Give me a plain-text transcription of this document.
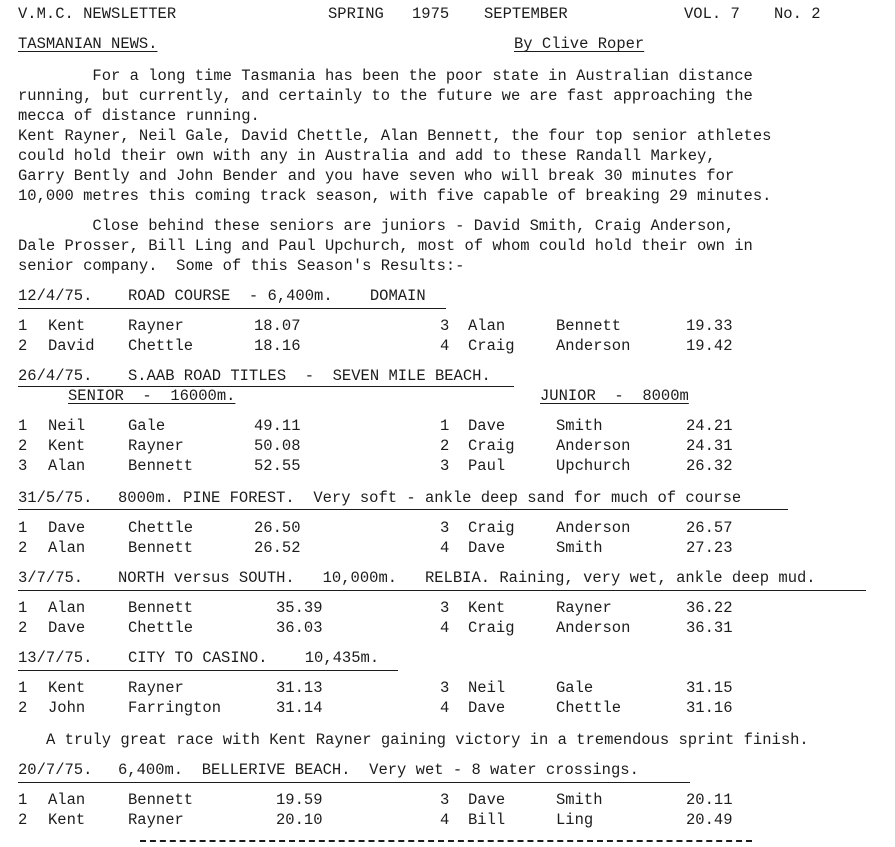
V.M.C. NEWSLETTER	SPRING 1975 SEPTEMBER	VOL. 7 No. 2
TASMANIAN NEWS.	By Clive Roper
For a long time Tasmania has been the poor state in Australian distance
running, but currently, and certainly to the future we are fast approaching the
mecca of distance running.
Kent Rayner, Neil Gale, David Chettle, Alan Bennett, the four top senior athletes
could hold their own with any in Australia and add to these Randall Markey,
Garry Bently and John Bender and you have seven who will break 30 minutes for
10,000 metres this coming track season, with five capable of breaking 29 minutes.
Close behind these seniors are juniors - David Smith, Craig Anderson,
Dale Prosser, Bill Ling and Paul Upchurch, most of whom could hold their own in
senior company.  Some of this Season's Results:-
12/4/75. ROAD COURSE  - 6,400m.    DOMAIN
1 Kent	Rayner	18.07	3 Alan	Bennett	19.33
2 David Chettle	18.16	4 Craig	Anderson	19.42
26/4/75. S.AAB ROAD TITLES  -  SEVEN MILE BEACH.
SENIOR  -  16000m.	JUNIOR  -  8000m
1 Neil	Gale	49.11	1 Dave	Smith	24.21
2 Kent	Rayner	50.08	2 Craig	Anderson	24.31
3 Alan	Bennett	52.55	3 Paul	Upchurch	26.32
31/5/75. 8000m. PINE FOREST.  Very soft - ankle deep sand for much of course
1 Dave	Chettle	26.50	3 Craig	Anderson	26.57
2 Alan	Bennett	26.52	4 Dave	Smith	27.23
3/7/75. NORTH versus SOUTH.   10,000m.   RELBIA. Raining, very wet, ankle deep mud.
1 Alan	Bennett	35.39	3 Kent	Rayner	36.22
2 Dave	Chettle	36.03	4 Craig	Anderson	36.31
13/7/75. CITY TO CASINO.    10,435m.
1 Kent	Rayner	31.13	3 Neil	Gale	31.15
2 John	Farrington	31.14	4 Dave	Chettle	31.16
A truly great race with Kent Rayner gaining victory in a tremendous sprint finish.
20/7/75. 6,400m.  BELLERIVE BEACH.  Very wet - 8 water crossings.
1 Alan	Bennett	19.59	3 Dave	Smith	20.11
2 Kent	Rayner	20.10	4 Bill	Ling	20.49
